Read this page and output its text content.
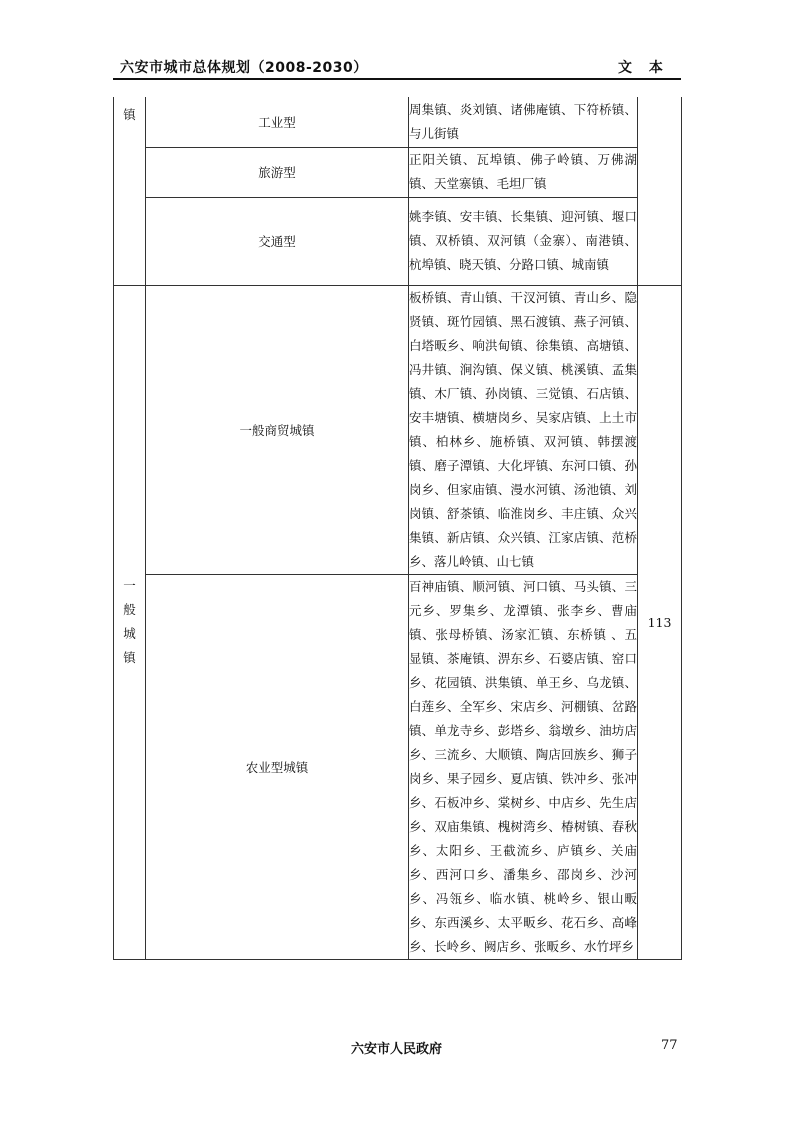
六安市城市总体规划（2008-2030）	文 本
镇	工业型	周集镇、炎刘镇、诸佛庵镇、下符桥镇、与儿街镇	
	旅游型	正阳关镇、瓦埠镇、佛子岭镇、万佛湖镇、天堂寨镇、毛坦厂镇	
	交通型	姚李镇、安丰镇、长集镇、迎河镇、堰口镇、双桥镇、双河镇（金寨）、南港镇、杭埠镇、晓天镇、分路口镇、城南镇	
一般城镇	一般商贸城镇	板桥镇、青山镇、干汊河镇、青山乡、隐贤镇、斑竹园镇、黑石渡镇、燕子河镇、白塔畈乡、响洪甸镇、徐集镇、高塘镇、冯井镇、涧沟镇、保义镇、桃溪镇、孟集镇、木厂镇、孙岗镇、三觉镇、石店镇、安丰塘镇、横塘岗乡、吴家店镇、上土市镇、柏林乡、施桥镇、双河镇、韩摆渡镇、磨子潭镇、大化坪镇、东河口镇、孙岗乡、但家庙镇、漫水河镇、汤池镇、刘岗镇、舒茶镇、临淮岗乡、丰庄镇、众兴集镇、新店镇、众兴镇、江家店镇、范桥乡、落儿岭镇、山七镇	113
	农业型城镇	百神庙镇、顺河镇、河口镇、马头镇、三元乡、罗集乡、龙潭镇、张李乡、曹庙镇、张母桥镇、汤家汇镇、东桥镇 、五显镇、茶庵镇、淠东乡、石婆店镇、窑口乡、花园镇、洪集镇、单王乡、乌龙镇、白莲乡、全军乡、宋店乡、河棚镇、岔路镇、单龙寺乡、彭塔乡、翁墩乡、油坊店乡、三流乡、大顺镇、陶店回族乡、狮子岗乡、果子园乡、夏店镇、铁冲乡、张冲乡、石板冲乡、棠树乡、中店乡、先生店乡、双庙集镇、槐树湾乡、椿树镇、春秋乡、太阳乡、王截流乡、庐镇乡、关庙乡、西河口乡、潘集乡、邵岗乡、沙河乡、冯瓴乡、临水镇、桃岭乡、银山畈乡、东西溪乡、太平畈乡、花石乡、高峰乡、长岭乡、阙店乡、张畈乡、水竹坪乡	
六安市人民政府	77
